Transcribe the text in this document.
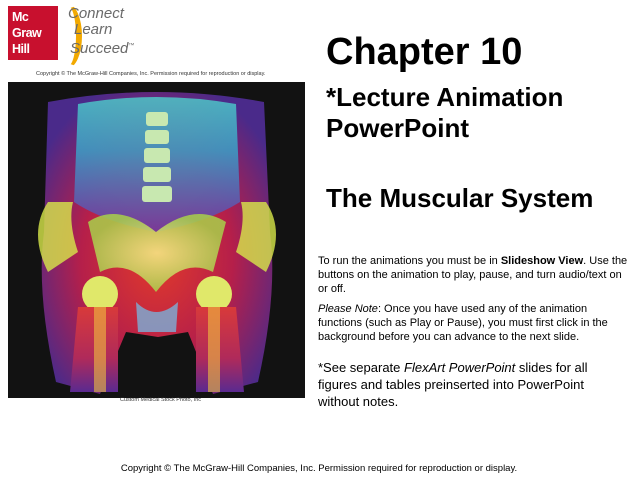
Mc
Graw
Hill
Connect
Learn
Succeed™
Copyright © The McGraw-Hill Companies, Inc. Permission required for reproduction or display.
Custom Medical Stock Photo, Inc
Chapter 10
*Lecture Animation
PowerPoint
The Muscular System

To run the animations you must be in Slideshow View. Use the buttons on the animation to play, pause, and turn audio/text on or off.

Please Note: Once you have used any of the animation functions (such as Play or Pause), you must first click in the background before you can advance to the next slide.

*See separate FlexArt PowerPoint slides for all figures and tables preinserted into PowerPoint without notes.
Copyright © The McGraw-Hill Companies, Inc. Permission required for reproduction or display.
